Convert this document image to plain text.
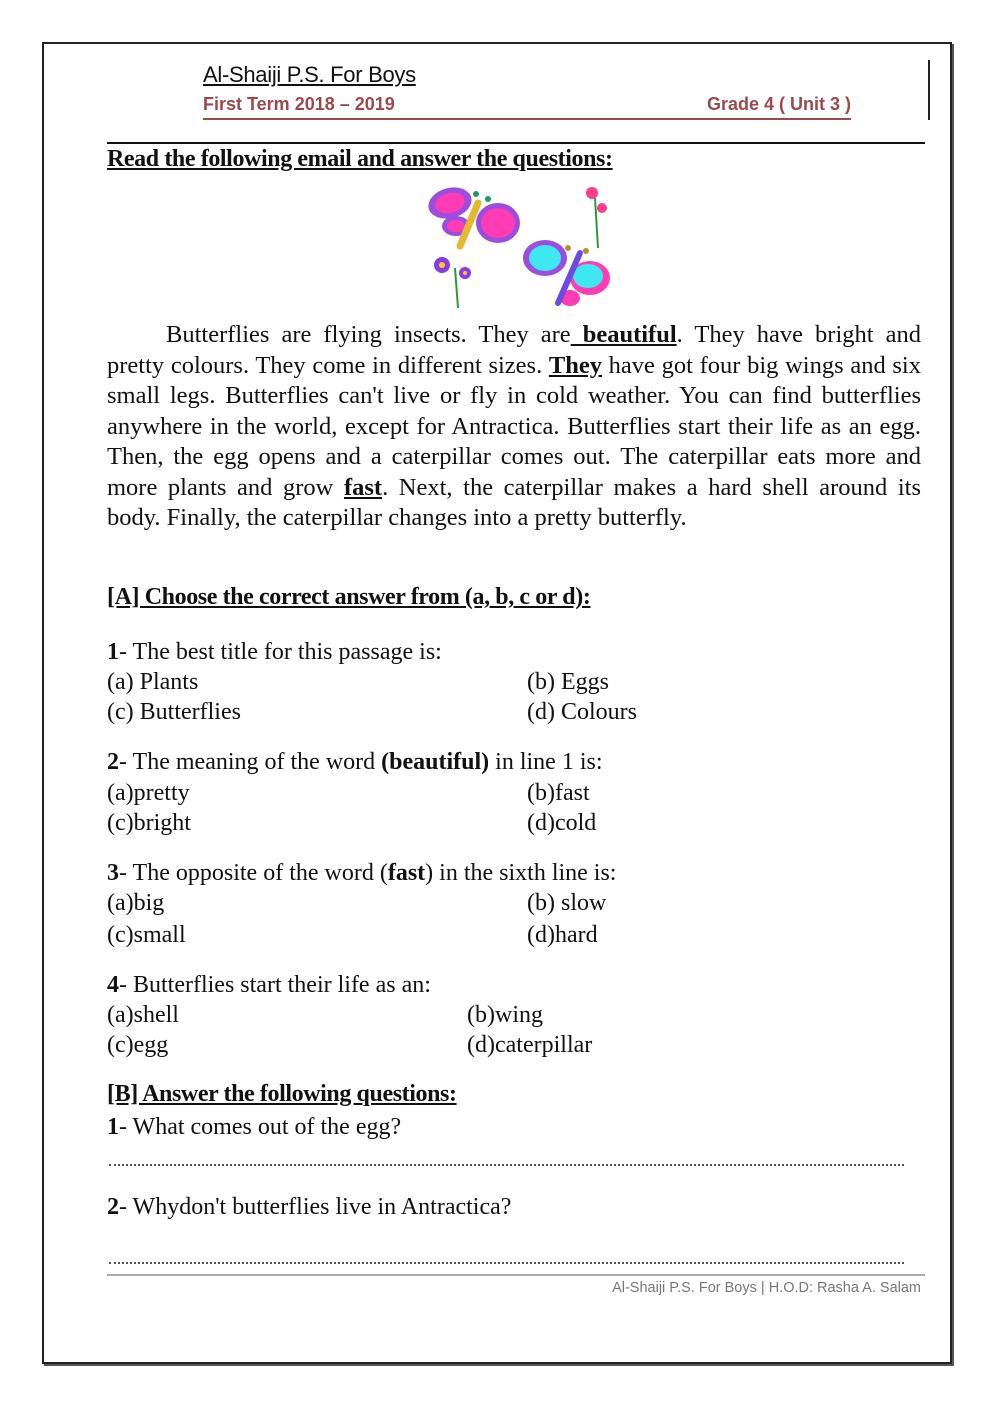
Al-Shaiji P.S. For Boys
First Term 2018 – 2019	Grade 4 ( Unit 3 )
Read the following email and answer the questions:
Butterflies are flying insects. They are beautiful. They have bright and pretty colours. They come in different sizes. They have got four big wings and six small legs. Butterflies can't live or fly in cold weather. You can find butterflies anywhere in the world, except for Antractica. Butterflies start their life as an egg. Then, the egg opens and a caterpillar comes out. The caterpillar eats more and more plants and grow fast. Next, the caterpillar makes a hard shell around its body. Finally, the caterpillar changes into a pretty butterfly.
[A] Choose the correct answer from (a, b, c or d):
1- The best title for this passage is:
(a) Plants	(b) Eggs
(c) Butterflies	(d) Colours
2- The meaning of the word (beautiful) in line 1 is:
(a)pretty	(b)fast
(c)bright	(d)cold
3- The opposite of the word (fast) in the sixth line is:
(a)big	(b) slow
(c)small	(d)hard
4- Butterflies start their life as an:
(a)shell	(b)wing
(c)egg	(d)caterpillar
[B] Answer the following questions:
1- What comes out of the egg?
2- Whydon't butterflies live in Antractica?
Al-Shaiji P.S. For Boys | H.O.D: Rasha A. Salam
